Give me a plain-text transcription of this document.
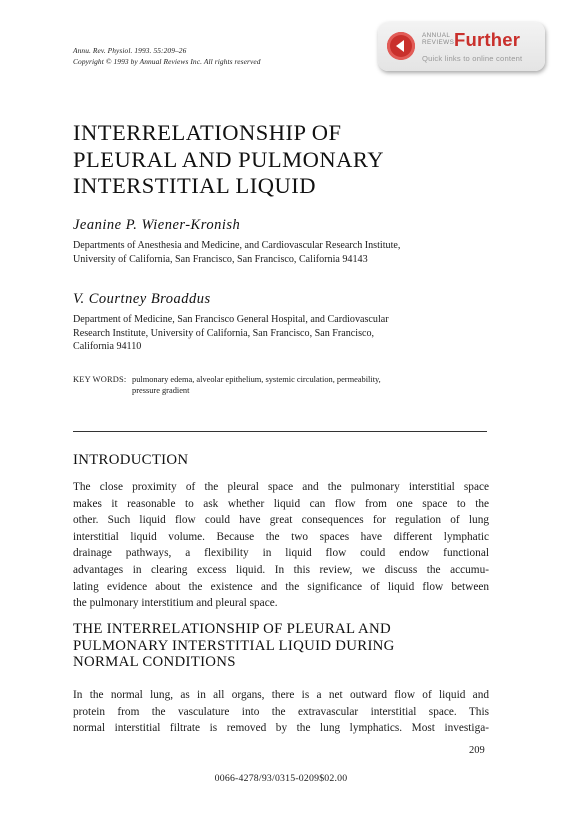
Annu. Rev. Physiol. 1993. 55:209–26
Copyright © 1993 by Annual Reviews Inc. All rights reserved
ANNUAL
REVIEWS Further
Quick links to online content
INTERRELATIONSHIP OF
PLEURAL AND PULMONARY
INTERSTITIAL LIQUID
Jeanine P. Wiener-Kronish
Departments of Anesthesia and Medicine, and Cardiovascular Research Institute,
University of California, San Francisco, San Francisco, California 94143
V. Courtney Broaddus
Department of Medicine, San Francisco General Hospital, and Cardiovascular
Research Institute, University of California, San Francisco, San Francisco,
California 94110
KEY WORDS: pulmonary edema, alveolar epithelium, systemic circulation, permeability,
pressure gradient
INTRODUCTION
The close proximity of the pleural space and the pulmonary interstitial space
makes it reasonable to ask whether liquid can flow from one space to the
other. Such liquid flow could have great consequences for regulation of lung
interstitial liquid volume. Because the two spaces have different lymphatic
drainage pathways, a flexibility in liquid flow could endow functional
advantages in clearing excess liquid. In this review, we discuss the accumu-
lating evidence about the existence and the significance of liquid flow between
the pulmonary interstitium and pleural space.
THE INTERRELATIONSHIP OF PLEURAL AND
PULMONARY INTERSTITIAL LIQUID DURING
NORMAL CONDITIONS
In the normal lung, as in all organs, there is a net outward flow of liquid and
protein from the vasculature into the extravascular interstitial space. This
normal interstitial filtrate is removed by the lung lymphatics. Most investiga-
209
0066-4278/93/0315-0209$02.00
